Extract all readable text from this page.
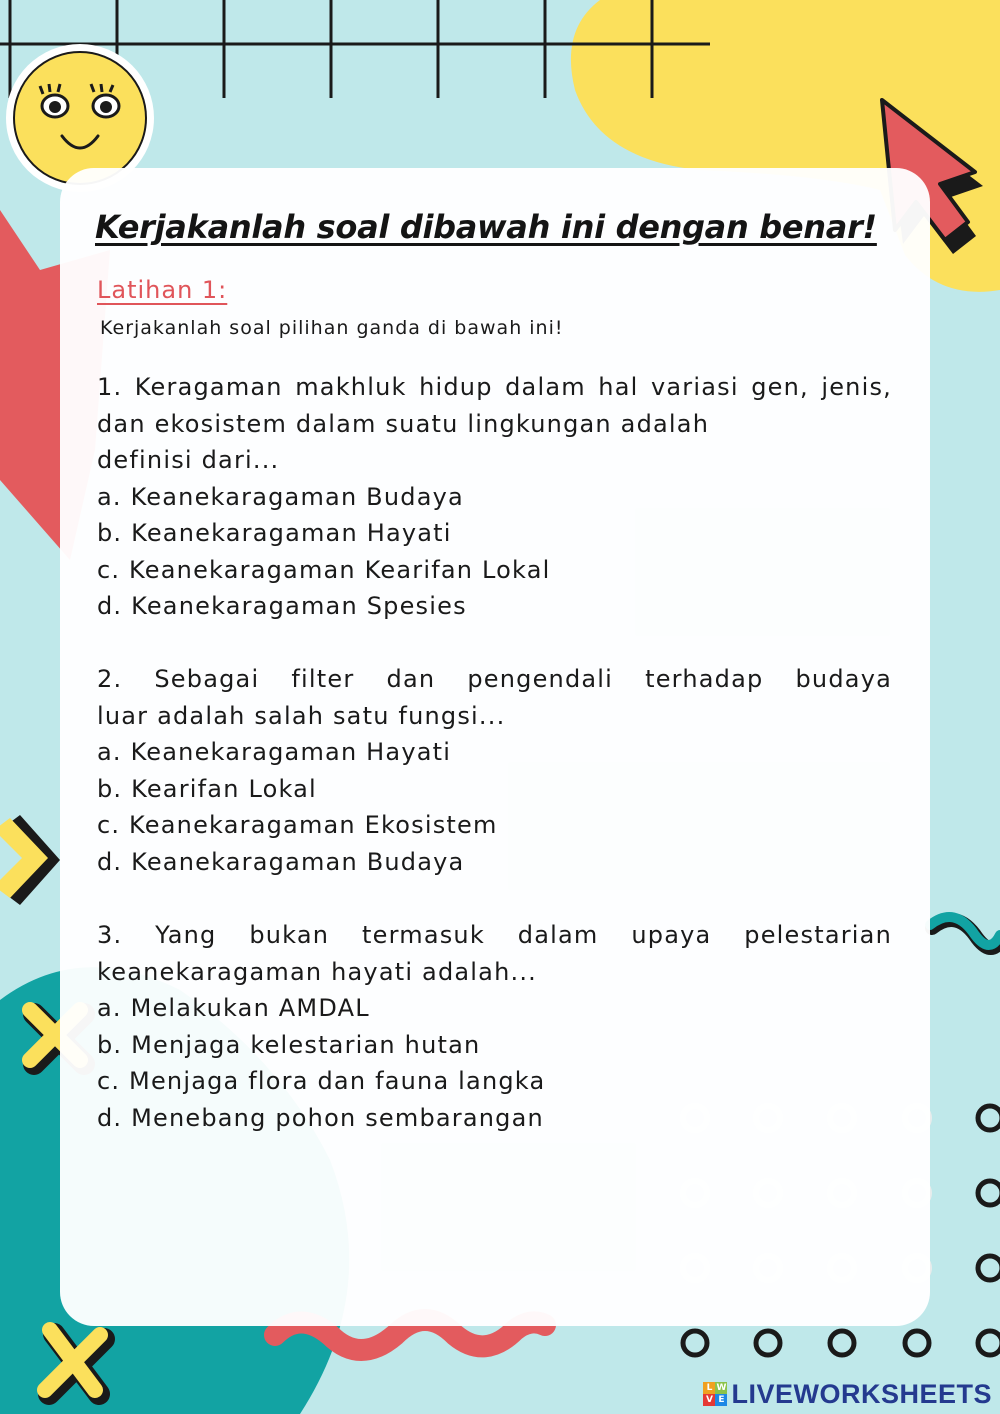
Kerjakanlah soal dibawah ini dengan benar!
Latihan 1:
Kerjakanlah soal pilihan ganda di bawah ini!

1. Keragaman makhluk hidup dalam hal variasi gen, jenis, dan ekosistem dalam suatu lingkungan adalah

definisi dari...

a. Keanekaragaman Budaya

b. Keanekaragaman Hayati

c. Keanekaragaman Kearifan Lokal

d. Keanekaragaman Spesies

2. Sebagai filter dan pengendali terhadap budaya

luar adalah salah satu fungsi...

a. Keanekaragaman Hayati

b. Kearifan Lokal

c. Keanekaragaman Ekosistem

d. Keanekaragaman Budaya

3. Yang bukan termasuk dalam upaya pelestarian

keanekaragaman hayati adalah...

a. Melakukan AMDAL

b. Menjaga kelestarian hutan

c. Menjaga flora dan fauna langka

d. Menebang pohon sembarangan

L W
V E LIVEWORKSHEETS
